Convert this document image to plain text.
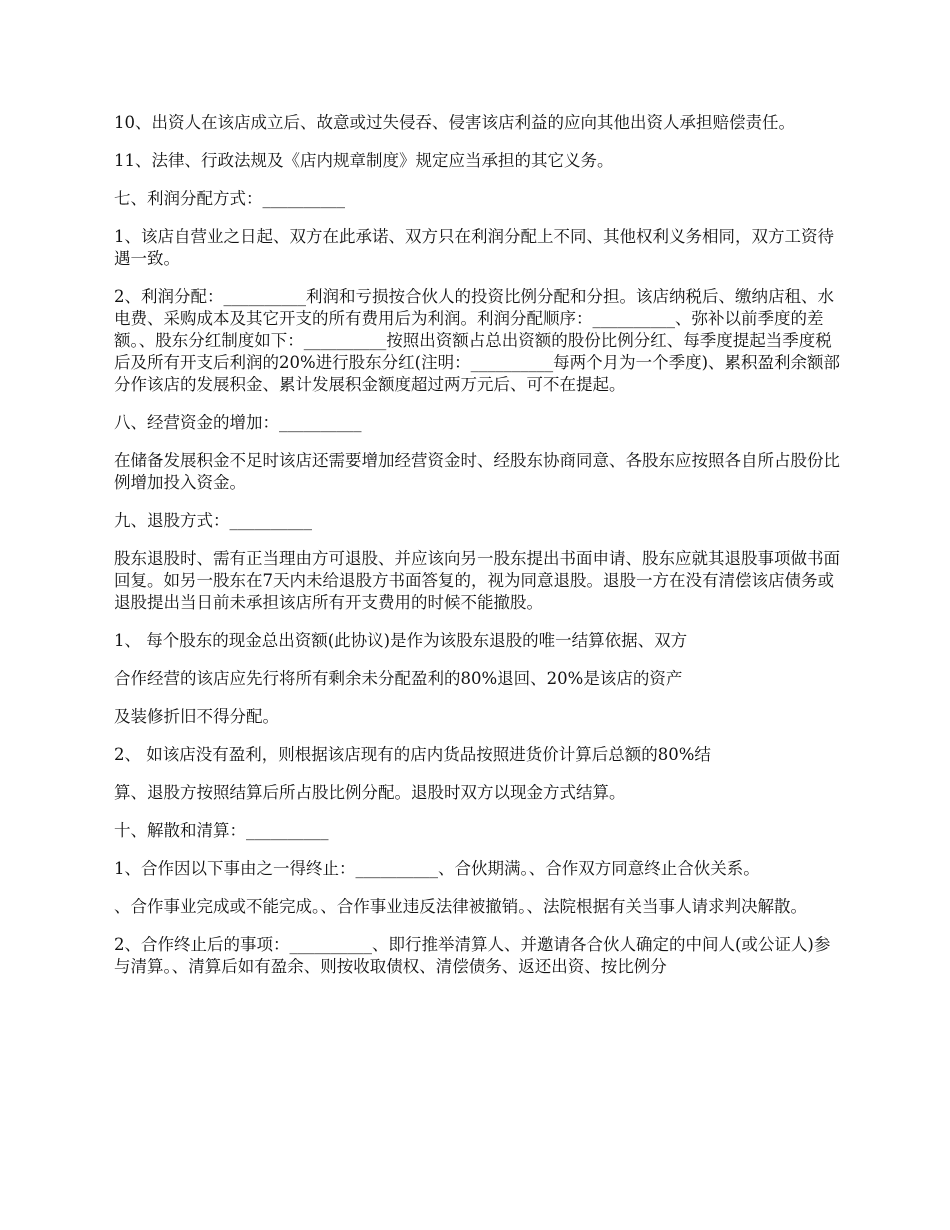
10、出资人在该店成立后、故意或过失侵吞、侵害该店利益的应向其他出资人承担赔偿责任。

11、法律、行政法规及《店内规章制度》规定应当承担的其它义务。

七、利润分配方式：__________

1、该店自营业之日起、双方在此承诺、双方只在利润分配上不同、其他权利义务相同，双方工资待遇一致。

2、利润分配：__________利润和亏损按合伙人的投资比例分配和分担。该店纳税后、缴纳店租、水电费、采购成本及其它开支的所有费用后为利润。利润分配顺序：__________、弥补以前季度的差额。、股东分红制度如下：__________按照出资额占总出资额的股份比例分红、每季度提起当季度税后及所有开支后利润的20%进行股东分红(注明：__________每两个月为一个季度)、累积盈利余额部分作该店的发展积金、累计发展积金额度超过两万元后、可不在提起。

八、经营资金的增加：__________

在储备发展积金不足时该店还需要增加经营资金时、经股东协商同意、各股东应按照各自所占股份比例增加投入资金。

九、退股方式：__________

股东退股时、需有正当理由方可退股、并应该向另一股东提出书面申请、股东应就其退股事项做书面回复。如另一股东在7天内未给退股方书面答复的，视为同意退股。退股一方在没有清偿该店债务或退股提出当日前未承担该店所有开支费用的时候不能撤股。

1、 每个股东的现金总出资额(此协议)是作为该股东退股的唯一结算依据、双方

合作经营的该店应先行将所有剩余未分配盈利的80%退回、20%是该店的资产

及装修折旧不得分配。

2、 如该店没有盈利，则根据该店现有的店内货品按照进货价计算后总额的80%结

算、退股方按照结算后所占股比例分配。退股时双方以现金方式结算。

十、解散和清算：__________

1、合作因以下事由之一得终止：__________、合伙期满。、合作双方同意终止合伙关系。

、合作事业完成或不能完成。、合作事业违反法律被撤销。、法院根据有关当事人请求判决解散。

2、合作终止后的事项：__________、即行推举清算人、并邀请各合伙人确定的中间人(或公证人)参与清算。、清算后如有盈余、则按收取债权、清偿债务、返还出资、按比例分
